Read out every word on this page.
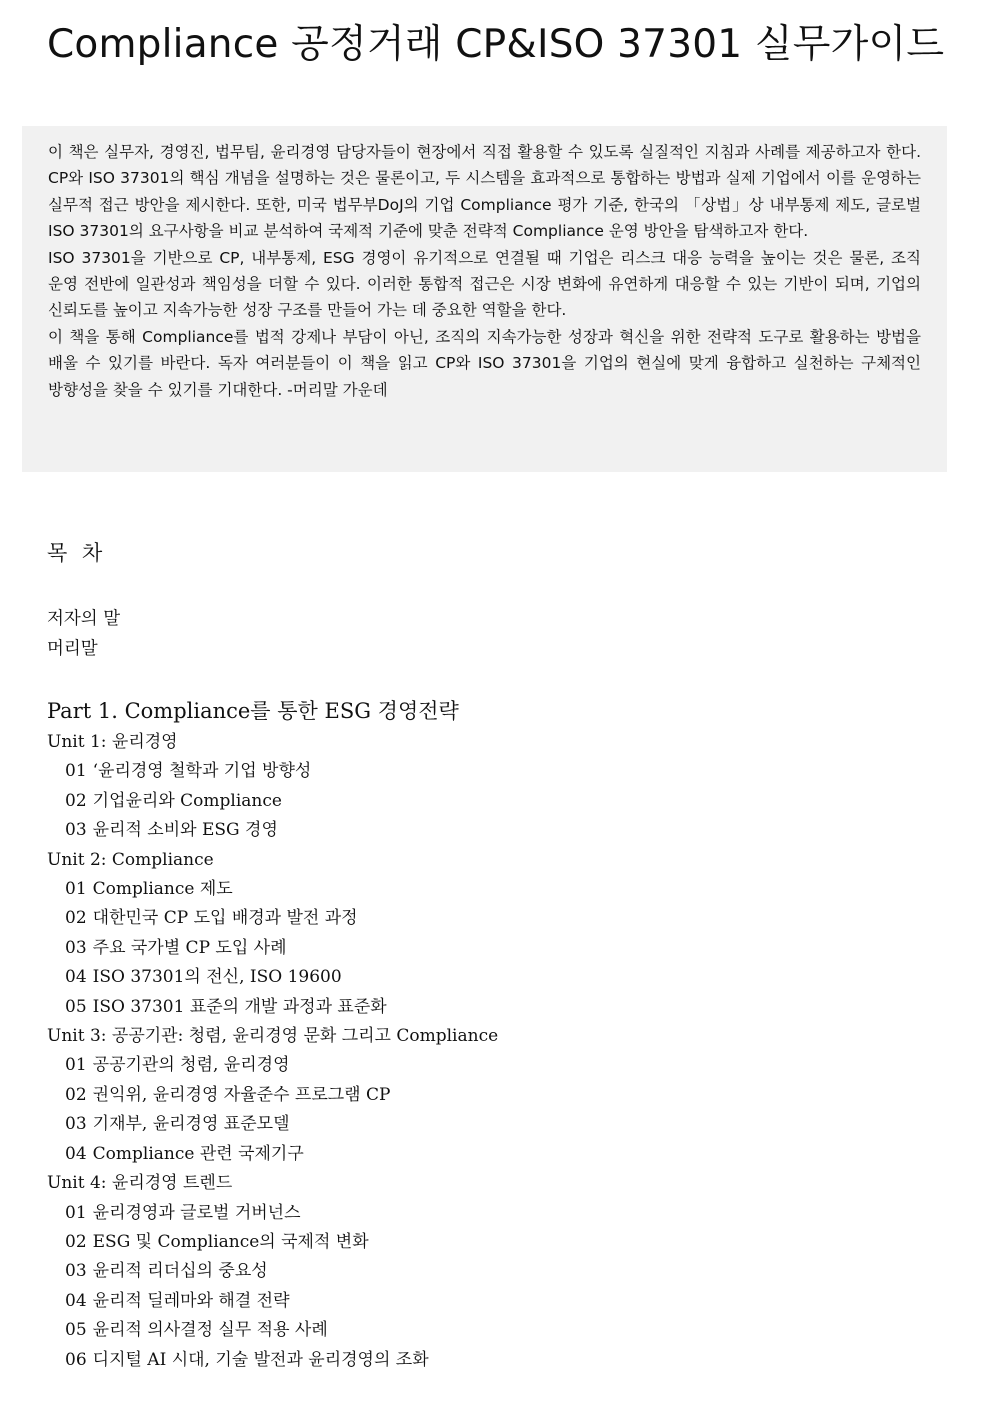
Compliance 공정거래 CP&ISO 37301 실무가이드

이 책은 실무자, 경영진, 법무팀, 윤리경영 담당자들이 현장에서 직접 활용할 수 있도록 실질적인 지침과 사례를 제공하고자 한다. CP와 ISO 37301의 핵심 개념을 설명하는 것은 물론이고, 두 시스템을 효과적으로 통합하는 방법과 실제 기업에서 이를 운영하는 실무적 접근 방안을 제시한다. 또한, 미국 법무부DoJ의 기업 Compliance 평가 기준, 한국의 「상법」상 내부통제 제도, 글로벌 ISO 37301의 요구사항을 비교 분석하여 국제적 기준에 맞춘 전략적 Compliance 운영 방안을 탐색하고자 한다.

ISO 37301을 기반으로 CP, 내부통제, ESG 경영이 유기적으로 연결될 때 기업은 리스크 대응 능력을 높이는 것은 물론, 조직 운영 전반에 일관성과 책임성을 더할 수 있다. 이러한 통합적 접근은 시장 변화에 유연하게 대응할 수 있는 기반이 되며, 기업의 신뢰도를 높이고 지속가능한 성장 구조를 만들어 가는 데 중요한 역할을 한다.

이 책을 통해 Compliance를 법적 강제나 부담이 아닌, 조직의 지속가능한 성장과 혁신을 위한 전략적 도구로 활용하는 방법을 배울 수 있기를 바란다. 독자 여러분들이 이 책을 읽고 CP와 ISO 37301을 기업의 현실에 맞게 융합하고 실천하는 구체적인 방향성을 찾을 수 있기를 기대한다. -머리말 가운데

목 차
저자의 말
머리말
Part 1. Compliance를 통한 ESG 경영전략
Unit 1: 윤리경영
01 ‘윤리경영 철학과 기업 방향성
02 기업윤리와 Compliance
03 윤리적 소비와 ESG 경영
Unit 2: Compliance
01 Compliance 제도
02 대한민국 CP 도입 배경과 발전 과정
03 주요 국가별 CP 도입 사례
04 ISO 37301의 전신, ISO 19600
05 ISO 37301 표준의 개발 과정과 표준화
Unit 3: 공공기관: 청렴, 윤리경영 문화 그리고 Compliance
01 공공기관의 청렴, 윤리경영
02 권익위, 윤리경영 자율준수 프로그램 CP
03 기재부, 윤리경영 표준모델
04 Compliance 관련 국제기구
Unit 4: 윤리경영 트렌드
01 윤리경영과 글로벌 거버넌스
02 ESG 및 Compliance의 국제적 변화
03 윤리적 리더십의 중요성
04 윤리적 딜레마와 해결 전략
05 윤리적 의사결정 실무 적용 사례
06 디지털 AI 시대, 기술 발전과 윤리경영의 조화
